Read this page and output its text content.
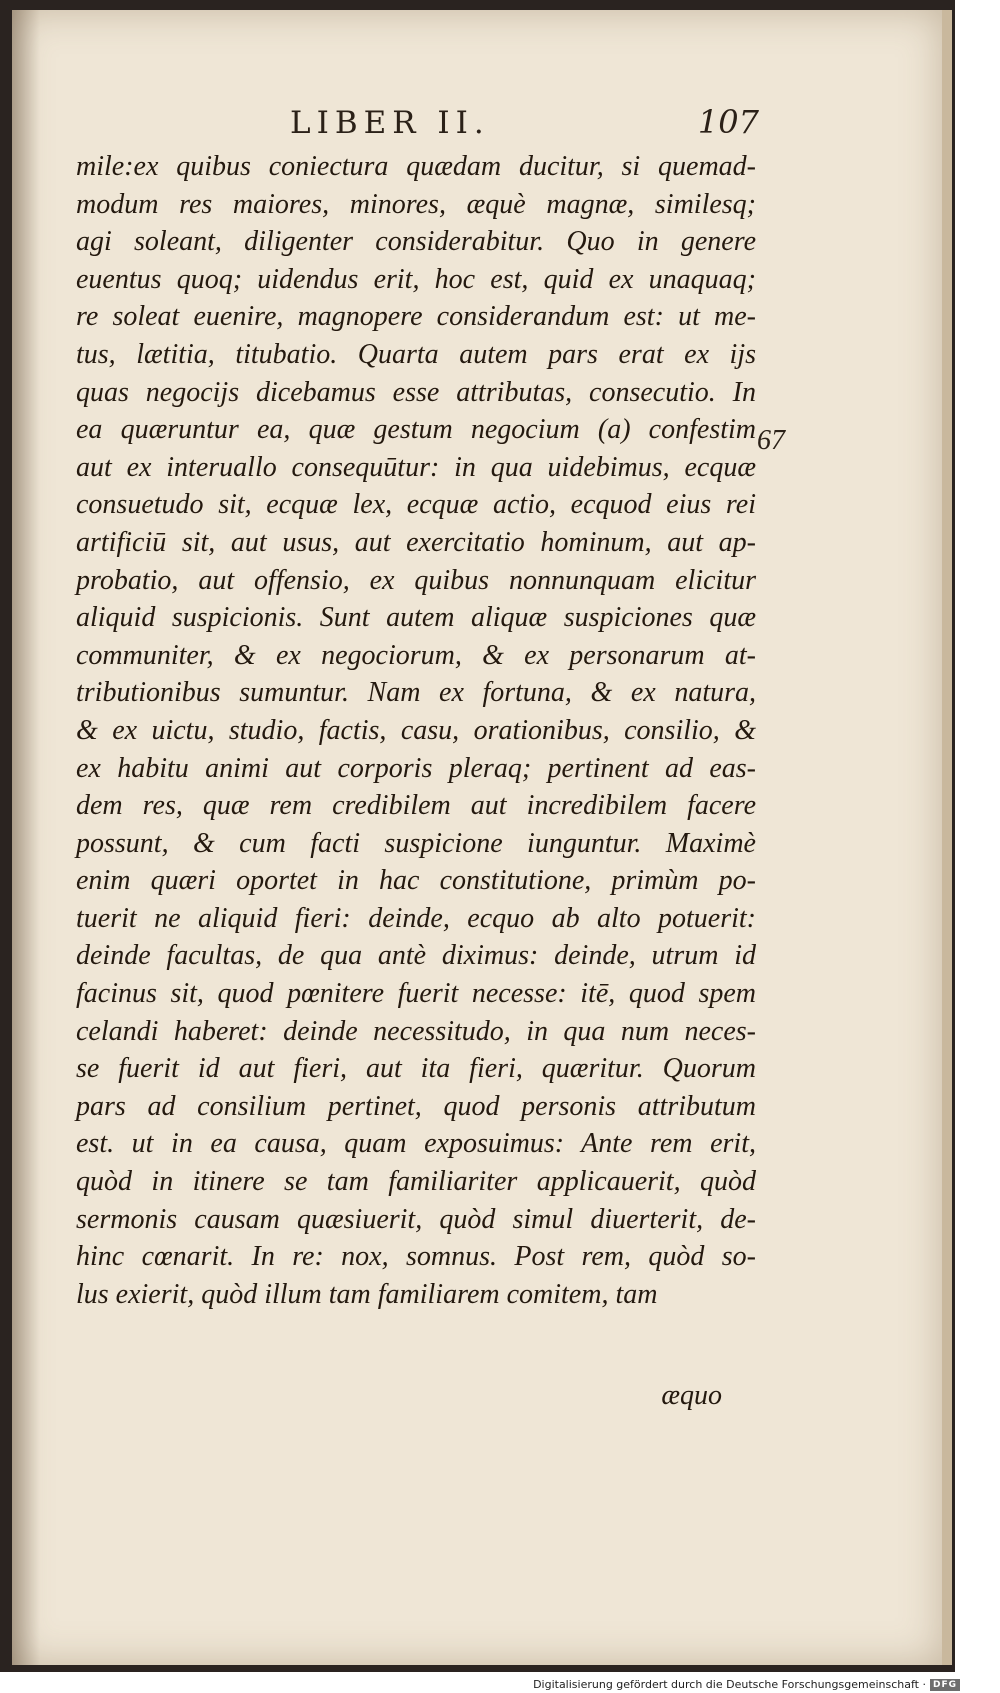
LIBER II.	107
mile:ex quibus coniectura quædam ducitur, si quemad-
modum res maiores, minores, æquè magnæ, similesq;
agi soleant, diligenter considerabitur. Quo in genere
euentus quoq; uidendus erit, hoc est, quid ex unaquaq;
re soleat euenire, magnopere considerandum est: ut me-
tus, lætitia, titubatio. Quarta autem pars erat ex ijs
quas negocijs dicebamus esse attributas, consecutio. In
ea quæruntur ea, quæ gestum negocium (a) confestim
aut ex interuallo consequūtur: in qua uidebimus, ecquæ
consuetudo sit, ecquæ lex, ecquæ actio, ecquod eius rei
artificiū sit, aut usus, aut exercitatio hominum, aut ap-
probatio, aut offensio, ex quibus nonnunquam elicitur
aliquid suspicionis. Sunt autem aliquæ suspiciones quæ
communiter, & ex negociorum, & ex personarum at-
tributionibus sumuntur. Nam ex fortuna, & ex natura,
& ex uictu, studio, factis, casu, orationibus, consilio, &
ex habitu animi aut corporis pleraq; pertinent ad eas-
dem res, quæ rem credibilem aut incredibilem facere
possunt, & cum facti suspicione iunguntur. Maximè
enim quæri oportet in hac constitutione, primùm po-
tuerit ne aliquid fieri: deinde, ecquo ab alto potuerit:
deinde facultas, de qua antè diximus: deinde, utrum id
facinus sit, quod pœnitere fuerit necesse: itē, quod spem
celandi haberet: deinde necessitudo, in qua num neces-
se fuerit id aut fieri, aut ita fieri, quæritur. Quorum
pars ad consilium pertinet, quod personis attributum
est. ut in ea causa, quam exposuimus: Ante rem erit,
quòd in itinere se tam familiariter applicauerit, quòd
sermonis causam quæsiuerit, quòd simul diuerterit, de-
hinc cœnarit. In re: nox, somnus. Post rem, quòd so-
lus exierit, quòd illum tam familiarem comitem, tam
67
æquo
Digitalisierung gefördert durch die Deutsche Forschungsgemeinschaft · DFG
